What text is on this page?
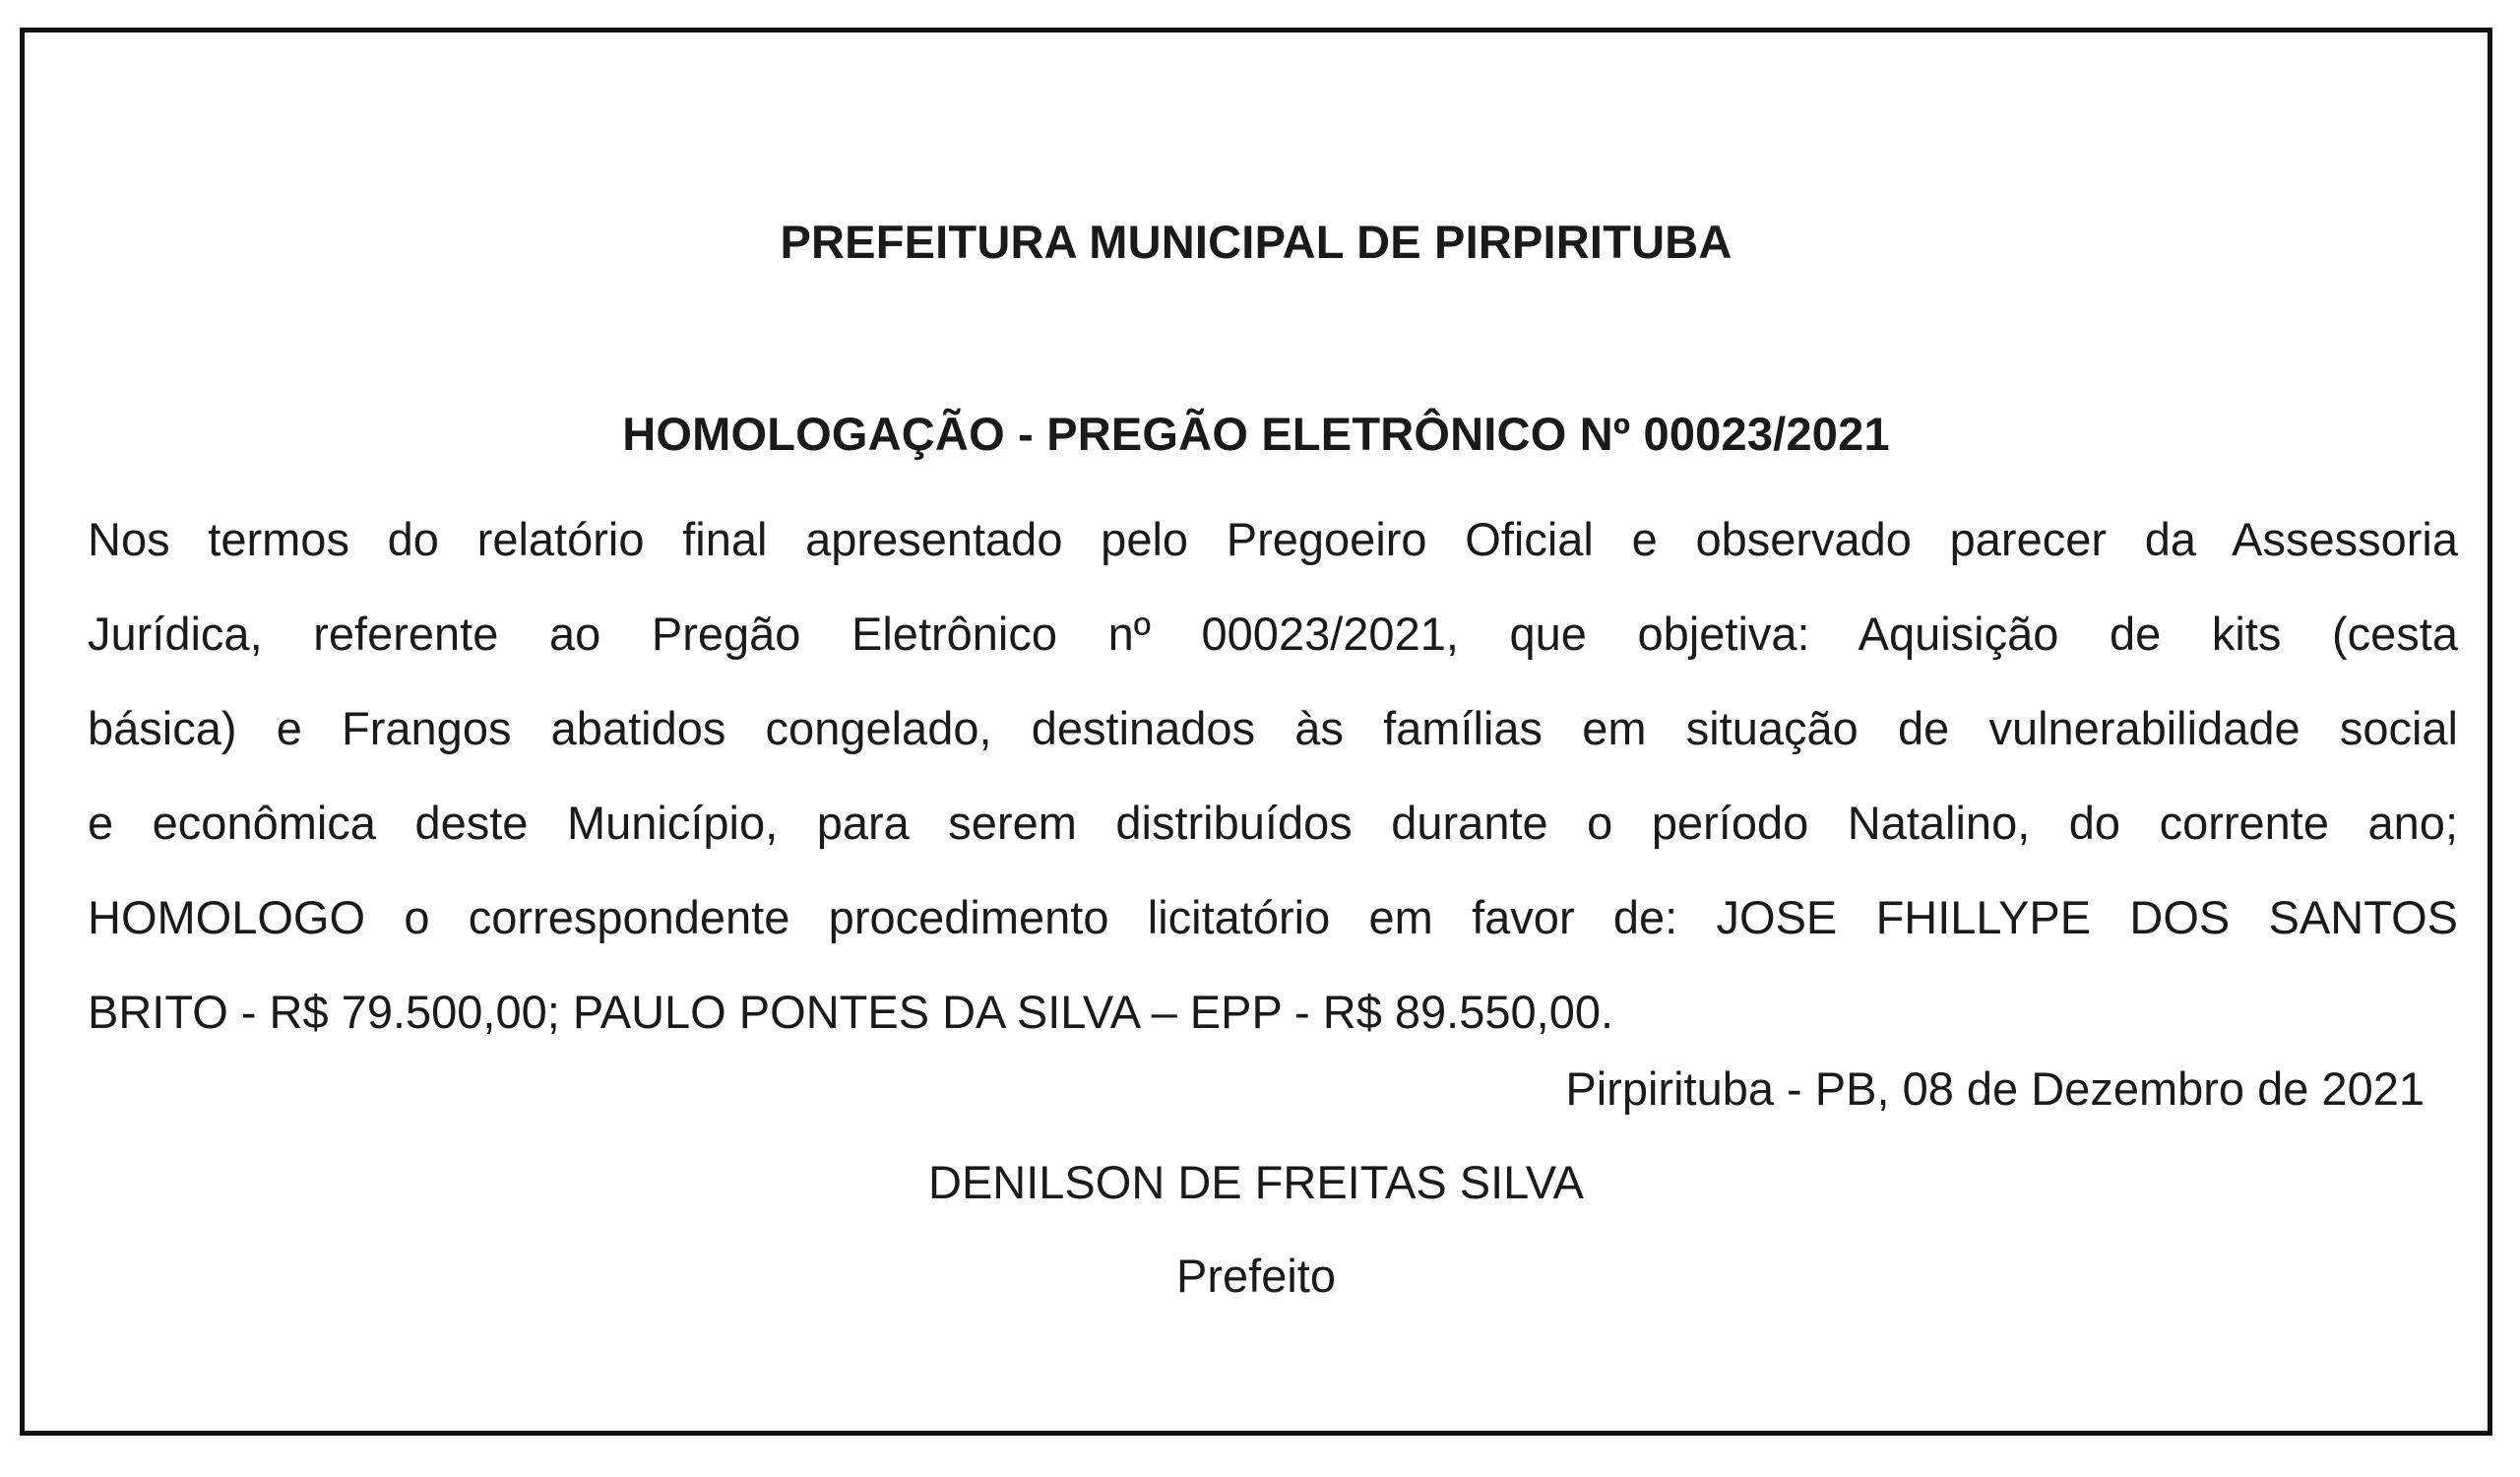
PREFEITURA MUNICIPAL DE PIRPIRITUBA
HOMOLOGAÇÃO - PREGÃO ELETRÔNICO Nº 00023/2021
Nos termos do relatório final apresentado pelo Pregoeiro Oficial e observado parecer da Assessoria
Jurídica, referente ao Pregão Eletrônico nº 00023/2021, que objetiva: Aquisição de kits (cesta
básica) e Frangos abatidos congelado, destinados às famílias em situação de vulnerabilidade social
e econômica deste Município, para serem distribuídos durante o período Natalino, do corrente ano;
HOMOLOGO o correspondente procedimento licitatório em favor de: JOSE FHILLYPE DOS SANTOS
BRITO - R$ 79.500,00; PAULO PONTES DA SILVA – EPP - R$ 89.550,00.
Pirpirituba - PB, 08 de Dezembro de 2021
DENILSON DE FREITAS SILVA
Prefeito
